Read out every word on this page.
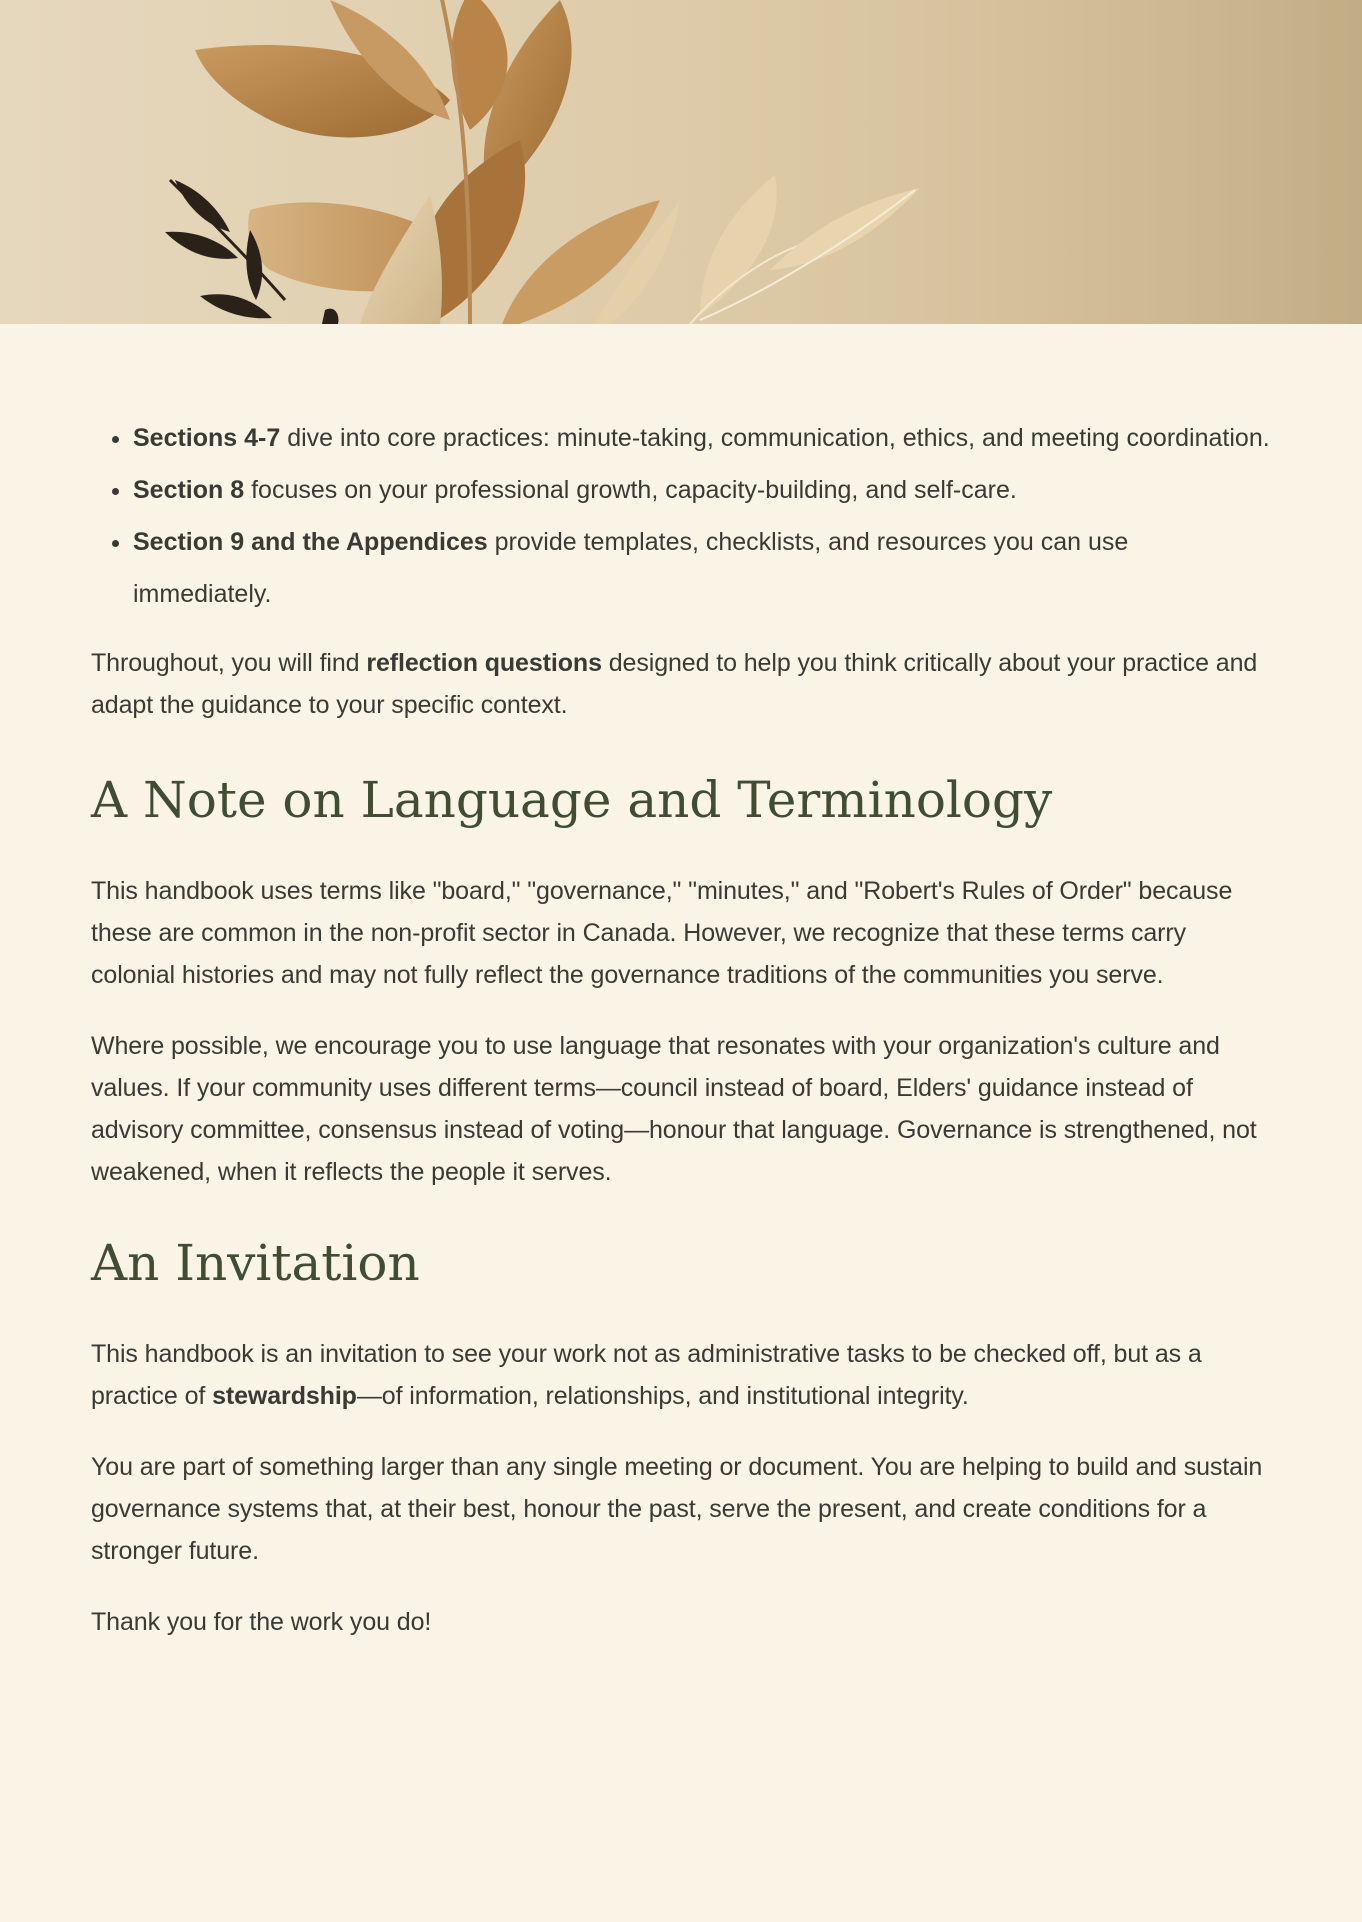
• Sections 4-7 dive into core practices: minute-taking, communication, ethics, and meeting coordination.
• Section 8 focuses on your professional growth, capacity-building, and self-care.
• Section 9 and the Appendices provide templates, checklists, and resources you can use immediately.

Throughout, you will find reflection questions designed to help you think critically about your practice and adapt the guidance to your specific context.

A Note on Language and Terminology

This handbook uses terms like "board," "governance," "minutes," and "Robert's Rules of Order" because these are common in the non-profit sector in Canada. However, we recognize that these terms carry colonial histories and may not fully reflect the governance traditions of the communities you serve.

Where possible, we encourage you to use language that resonates with your organization's culture and values. If your community uses different terms—council instead of board, Elders' guidance instead of advisory committee, consensus instead of voting—honour that language. Governance is strengthened, not weakened, when it reflects the people it serves.

An Invitation

This handbook is an invitation to see your work not as administrative tasks to be checked off, but as a practice of stewardship—of information, relationships, and institutional integrity.

You are part of something larger than any single meeting or document. You are helping to build and sustain governance systems that, at their best, honour the past, serve the present, and create conditions for a stronger future.

Thank you for the work you do!
